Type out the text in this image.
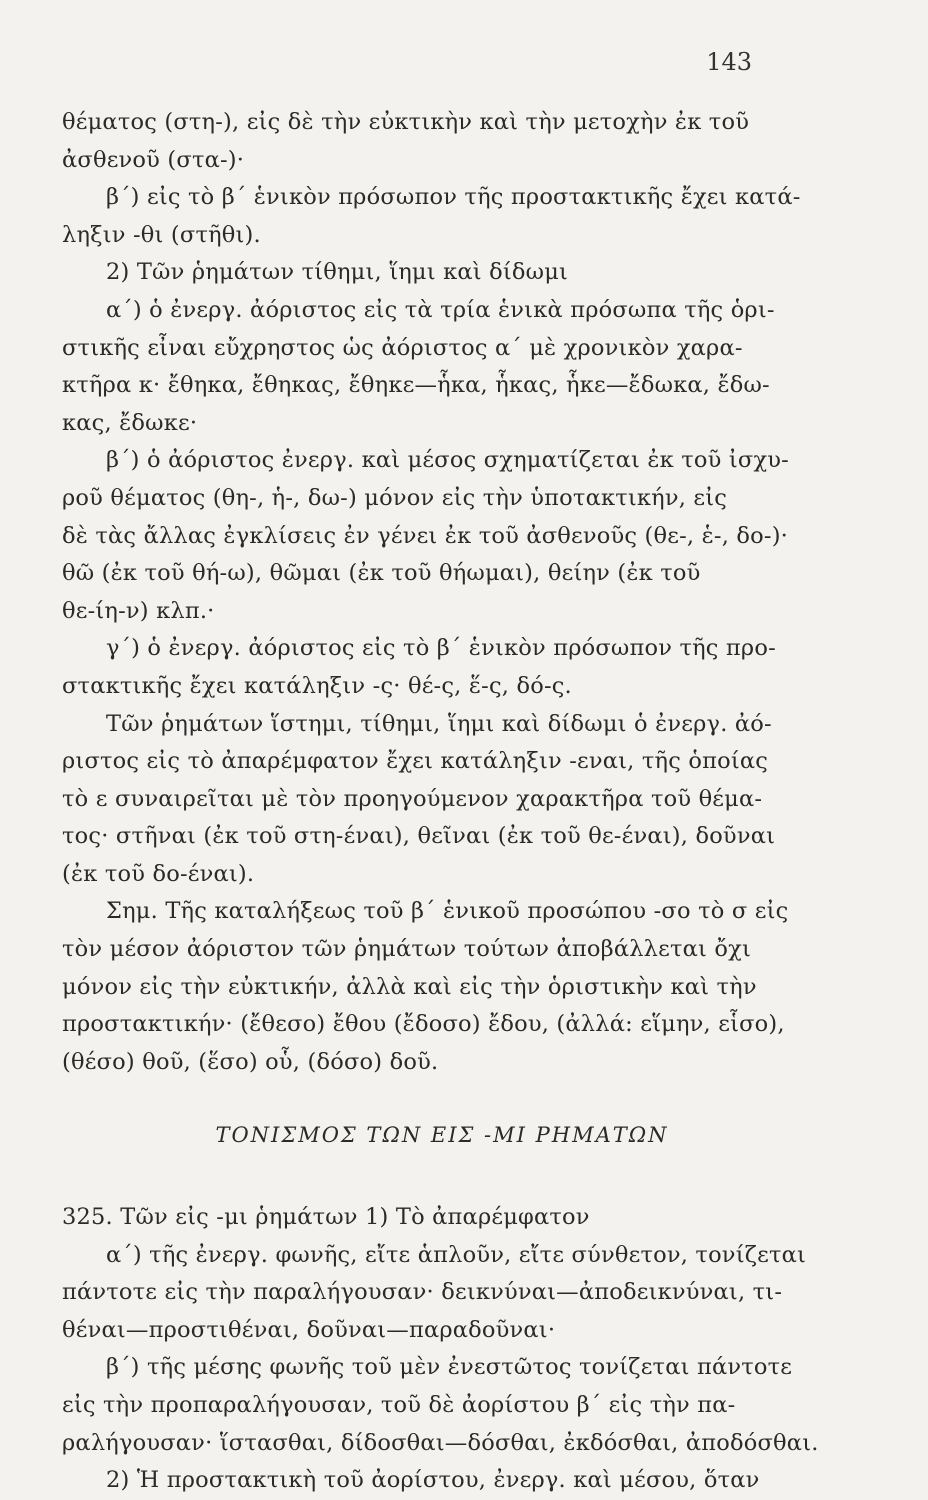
143
θέματος (στη-), εἰς δὲ τὴν εὐκτικὴν καὶ τὴν μετοχὴν ἐκ τοῦ
ἀσθενοῦ (στα-)·
β΄) εἰς τὸ β΄ ἑνικὸν πρόσωπον τῆς προστακτικῆς ἔχει κατά-
ληξιν -θι (στῆθι).
2) Τῶν ῥημάτων τίθημι, ἵημι καὶ δίδωμι
α΄) ὁ ἐνεργ. ἀόριστος εἰς τὰ τρία ἑνικὰ πρόσωπα τῆς ὁρι-
στικῆς εἶναι εὔχρηστος ὡς ἀόριστος α΄ μὲ χρονικὸν χαρα-
κτῆρα κ· ἔθηκα, ἔθηκας, ἔθηκε—ἧκα, ἧκας, ἧκε—ἔδωκα, ἔδω-
κας, ἔδωκε·
β΄) ὁ ἀόριστος ἐνεργ. καὶ μέσος σχηματίζεται ἐκ τοῦ ἰσχυ-
ροῦ θέματος (θη-, ἡ-, δω-) μόνον εἰς τὴν ὑποτακτικήν, εἰς
δὲ τὰς ἄλλας ἐγκλίσεις ἐν γένει ἐκ τοῦ ἀσθενοῦς (θε-, ἑ-, δο-)·
θῶ (ἐκ τοῦ θή-ω), θῶμαι (ἐκ τοῦ θήωμαι), θείην (ἐκ τοῦ
θε-ίη-ν) κλπ.·
γ΄) ὁ ἐνεργ. ἀόριστος εἰς τὸ β΄ ἑνικὸν πρόσωπον τῆς προ-
στακτικῆς ἔχει κατάληξιν -ς· θέ-ς, ἕ-ς, δό-ς.
Τῶν ῥημάτων ἵστημι, τίθημι, ἵημι καὶ δίδωμι ὁ ἐνεργ. ἀό-
ριστος εἰς τὸ ἀπαρέμφατον ἔχει κατάληξιν -εναι, τῆς ὁποίας
τὸ ε συναιρεῖται μὲ τὸν προηγούμενον χαρακτῆρα τοῦ θέμα-
τος· στῆναι (ἐκ τοῦ στη-έναι), θεῖναι (ἐκ τοῦ θε-έναι), δοῦναι
(ἐκ τοῦ δο-έναι).
Σημ. Τῆς καταλήξεως τοῦ β΄ ἑνικοῦ προσώπου -σο τὸ σ εἰς
τὸν μέσον ἀόριστον τῶν ῥημάτων τούτων ἀποβάλλεται ὄχι
μόνον εἰς τὴν εὐκτικήν, ἀλλὰ καὶ εἰς τὴν ὁριστικὴν καὶ τὴν
προστακτικήν· (ἔθεσο) ἔθου (ἔδοσο) ἔδου, (ἀλλά: εἵμην, εἷσο),
(θέσο) θοῦ, (ἕσο) οὗ, (δόσο) δοῦ.
ΤΟΝΙΣΜΟΣ ΤΩΝ ΕΙΣ -ΜΙ ΡΗΜΑΤΩΝ
325. Τῶν εἰς -μι ῥημάτων 1) Τὸ ἀπαρέμφατον
α΄) τῆς ἐνεργ. φωνῆς, εἴτε ἁπλοῦν, εἴτε σύνθετον, τονίζεται
πάντοτε εἰς τὴν παραλήγουσαν· δεικνύναι—ἀποδεικνύναι, τι-
θέναι—προστιθέναι, δοῦναι—παραδοῦναι·
β΄) τῆς μέσης φωνῆς τοῦ μὲν ἐνεστῶτος τονίζεται πάντοτε
εἰς τὴν προπαραλήγουσαν, τοῦ δὲ ἀορίστου β΄ εἰς τὴν πα-
ραλήγουσαν· ἵστασθαι, δίδοσθαι—δόσθαι, ἐκδόσθαι, ἀποδόσθαι.
2) Ἡ προστακτικὴ τοῦ ἀορίστου, ἐνεργ. καὶ μέσου, ὅταν
